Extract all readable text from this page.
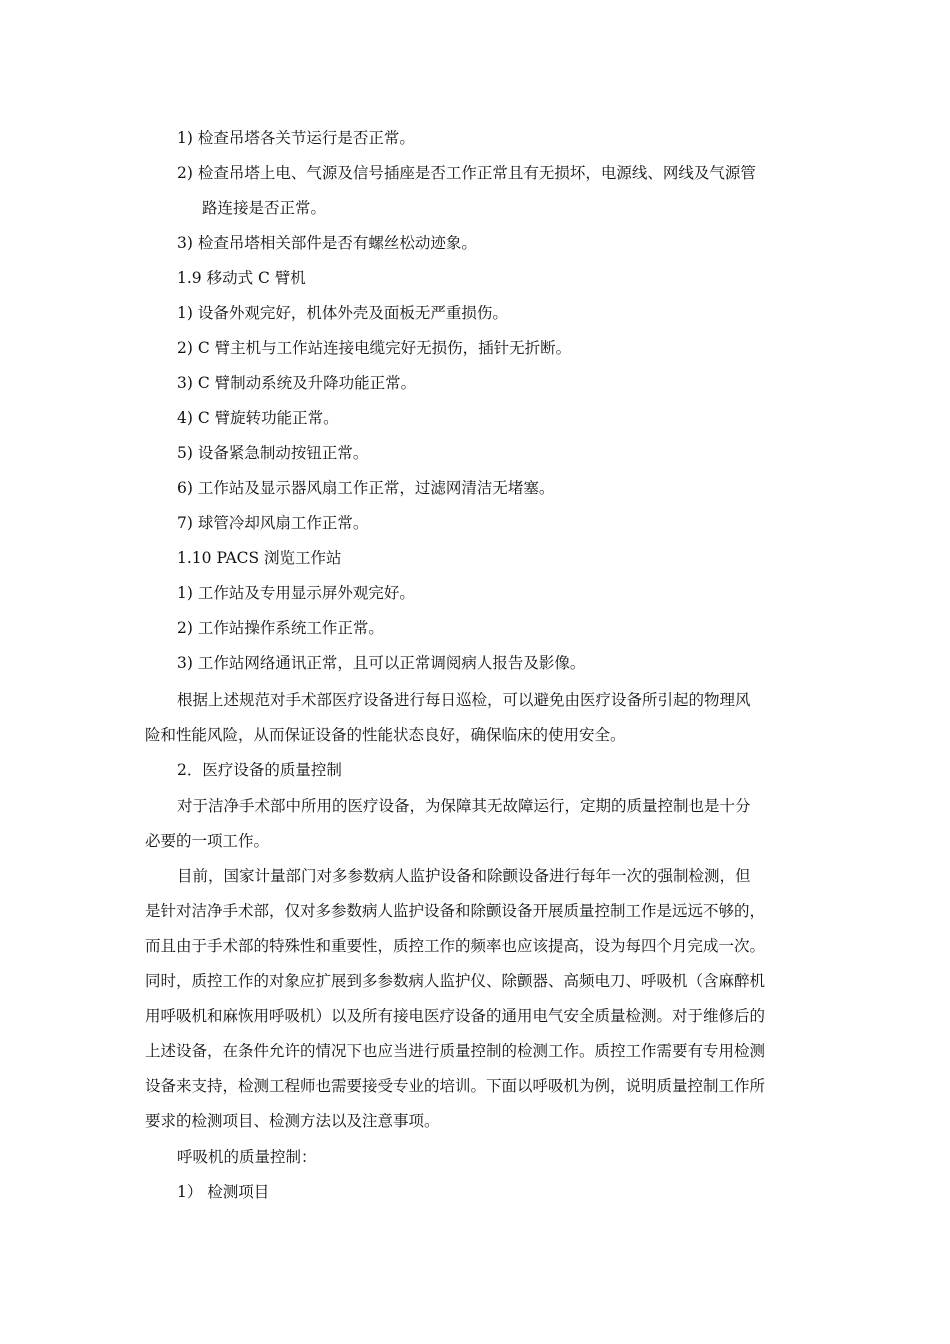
1) 检查吊塔各关节运行是否正常。
2) 检查吊塔上电、气源及信号插座是否工作正常且有无损坏，电源线、网线及气源管
路连接是否正常。
3) 检查吊塔相关部件是否有螺丝松动迹象。
1.9 移动式 C 臂机
1) 设备外观完好，机体外壳及面板无严重损伤。
2) C 臂主机与工作站连接电缆完好无损伤，插针无折断。
3) C 臂制动系统及升降功能正常。
4) C 臂旋转功能正常。
5) 设备紧急制动按钮正常。
6) 工作站及显示器风扇工作正常，过滤网清洁无堵塞。
7) 球管冷却风扇工作正常。
1.10 PACS 浏览工作站
1) 工作站及专用显示屏外观完好。
2) 工作站操作系统工作正常。
3) 工作站网络通讯正常，且可以正常调阅病人报告及影像。
根据上述规范对手术部医疗设备进行每日巡检，可以避免由医疗设备所引起的物理风
险和性能风险，从而保证设备的性能状态良好，确保临床的使用安全。
2．医疗设备的质量控制
对于洁净手术部中所用的医疗设备，为保障其无故障运行，定期的质量控制也是十分
必要的一项工作。
目前，国家计量部门对多参数病人监护设备和除颤设备进行每年一次的强制检测，但
是针对洁净手术部，仅对多参数病人监护设备和除颤设备开展质量控制工作是远远不够的，
而且由于手术部的特殊性和重要性，质控工作的频率也应该提高，设为每四个月完成一次。
同时，质控工作的对象应扩展到多参数病人监护仪、除颤器、高频电刀、呼吸机（含麻醉机
用呼吸机和麻恢用呼吸机）以及所有接电医疗设备的通用电气安全质量检测。对于维修后的
上述设备，在条件允许的情况下也应当进行质量控制的检测工作。质控工作需要有专用检测
设备来支持，检测工程师也需要接受专业的培训。下面以呼吸机为例，说明质量控制工作所
要求的检测项目、检测方法以及注意事项。
呼吸机的质量控制：
1） 检测项目
